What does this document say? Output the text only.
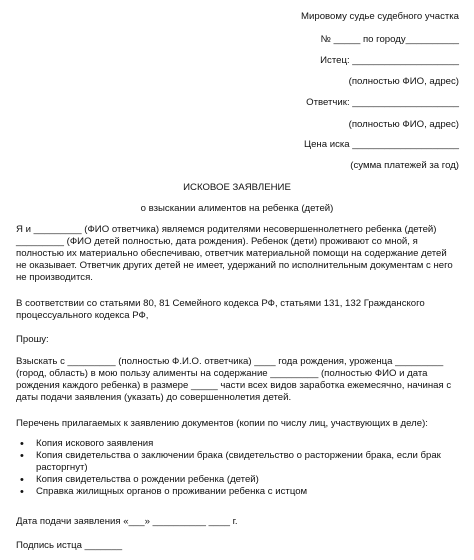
Мировому судье судебного участка
№ _____ по городу__________
Истец: ____________________
(полностью ФИО, адрес)
Ответчик: ____________________
(полностью ФИО, адрес)
Цена иска ____________________
(сумма платежей за год)
ИСКОВОЕ ЗАЯВЛЕНИЕ
о взыскании алиментов на ребенка (детей)
Я и _________ (ФИО ответчика) являемся родителями несовершеннолетнего ребенка (детей)
_________ (ФИО детей полностью, дата рождения). Ребенок (дети) проживают со мной, я
полностью их материально обеспечиваю, ответчик материальной помощи на содержание детей
не оказывает. Ответчик других детей не имеет, удержаний по исполнительным документам с него
не производится.
В соответствии со статьями 80, 81 Семейного кодекса РФ, статьями 131, 132 Гражданского
процессуального кодекса РФ,
Прошу:
Взыскать с _________ (полностью Ф.И.О. ответчика) ____ года рождения, уроженца _________
(город, область) в мою пользу алименты на содержание _________ (полностью ФИО и дата
рождения каждого ребенка) в размере _____ части всех видов заработка ежемесячно, начиная с
даты подачи заявления (указать) до совершеннолетия детей.
Перечень прилагаемых к заявлению документов (копии по числу лиц, участвующих в деле):
• Копия искового заявления
• Копия свидетельства о заключении брака (свидетельство о расторжении брака, если брак
расторгнут)
• Копия свидетельства о рождении ребенка (детей)
• Справка жилищных органов о проживании ребенка с истцом
Дата подачи заявления «___» __________ ____ г.
Подпись истца _______
